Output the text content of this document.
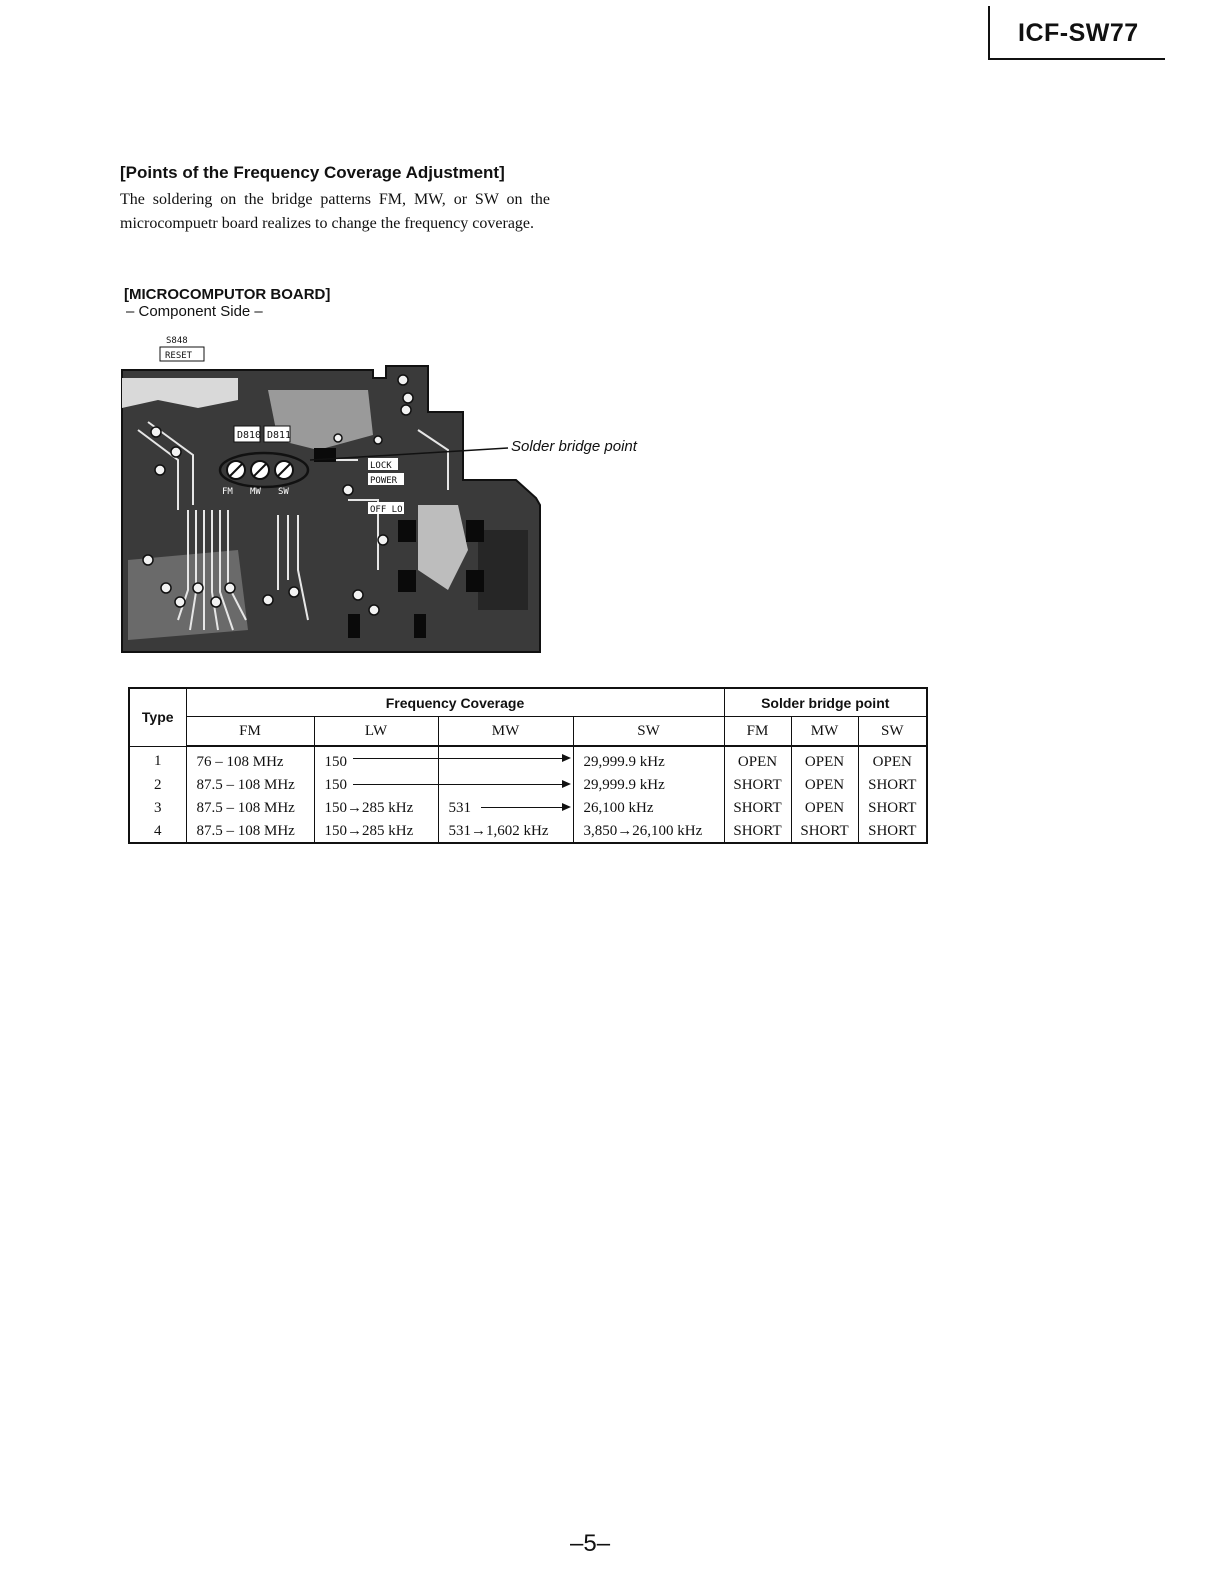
ICF-SW77
[Points of the Frequency Coverage Adjustment]
The soldering on the bridge patterns FM, MW, or SW on the microcompuetr board realizes to change the frequency coverage.
[MICROCOMPUTOR BOARD]
– Component Side –
S848
RESET
D810 D811
FM MW SW
LOCK
POWER
OFF LO
Solder bridge point
Type	Frequency Coverage				Solder bridge point		
	FM	LW	MW	SW	FM	MW	SW
1	76 – 108 MHz	150		29,999.9 kHz	OPEN	OPEN	OPEN
2	87.5 – 108 MHz	150		29,999.9 kHz	SHORT	OPEN	SHORT
3	87.5 – 108 MHz	150→285 kHz	531	26,100 kHz	SHORT	OPEN	SHORT
4	87.5 – 108 MHz	150→285 kHz	531→1,602 kHz	3,850→26,100 kHz	SHORT	SHORT	SHORT
–5–
